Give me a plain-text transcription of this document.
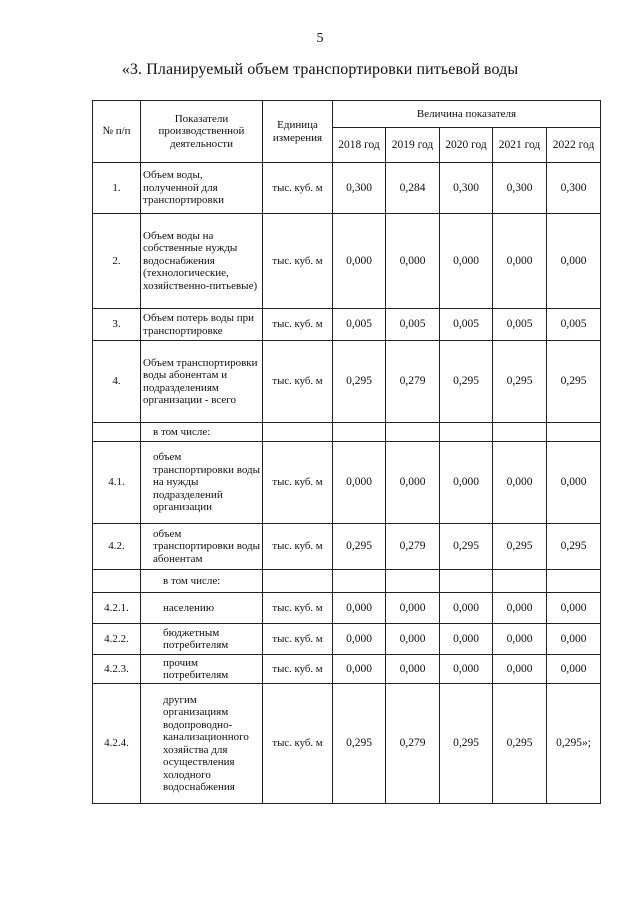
5
«3. Планируемый объем транспортировки питьевой воды
№ п/п	Показатели производственной деятельности	Единица измерения	Величина показателя				
			2018 год	2019 год	2020 год	2021 год	2022 год
1.	Объем воды, полученной для транспортировки	тыс. куб. м	0,300	0,284	0,300	0,300	0,300
2.	Объем воды на собственные нужды водоснабжения (технологические, хозяйственно-питьевые)	тыс. куб. м	0,000	0,000	0,000	0,000	0,000
3.	Объем потерь воды при транспортировке	тыс. куб. м	0,005	0,005	0,005	0,005	0,005
4.	Объем транспортировки воды абонентам и подразделениям организации - всего	тыс. куб. м	0,295	0,279	0,295	0,295	0,295
	в том числе:						
4.1.	объем транспортировки воды на нужды подразделений организации	тыс. куб. м	0,000	0,000	0,000	0,000	0,000
4.2.	объем транспортировки воды абонентам	тыс. куб. м	0,295	0,279	0,295	0,295	0,295
	в том числе:						
4.2.1.	населению	тыс. куб. м	0,000	0,000	0,000	0,000	0,000
4.2.2.	бюджетным потребителям	тыс. куб. м	0,000	0,000	0,000	0,000	0,000
4.2.3.	прочим потребителям	тыс. куб. м	0,000	0,000	0,000	0,000	0,000
4.2.4.	другим организациям водопроводно-канализационного хозяйства для осуществления холодного водоснабжения	тыс. куб. м	0,295	0,279	0,295	0,295	0,295»;
